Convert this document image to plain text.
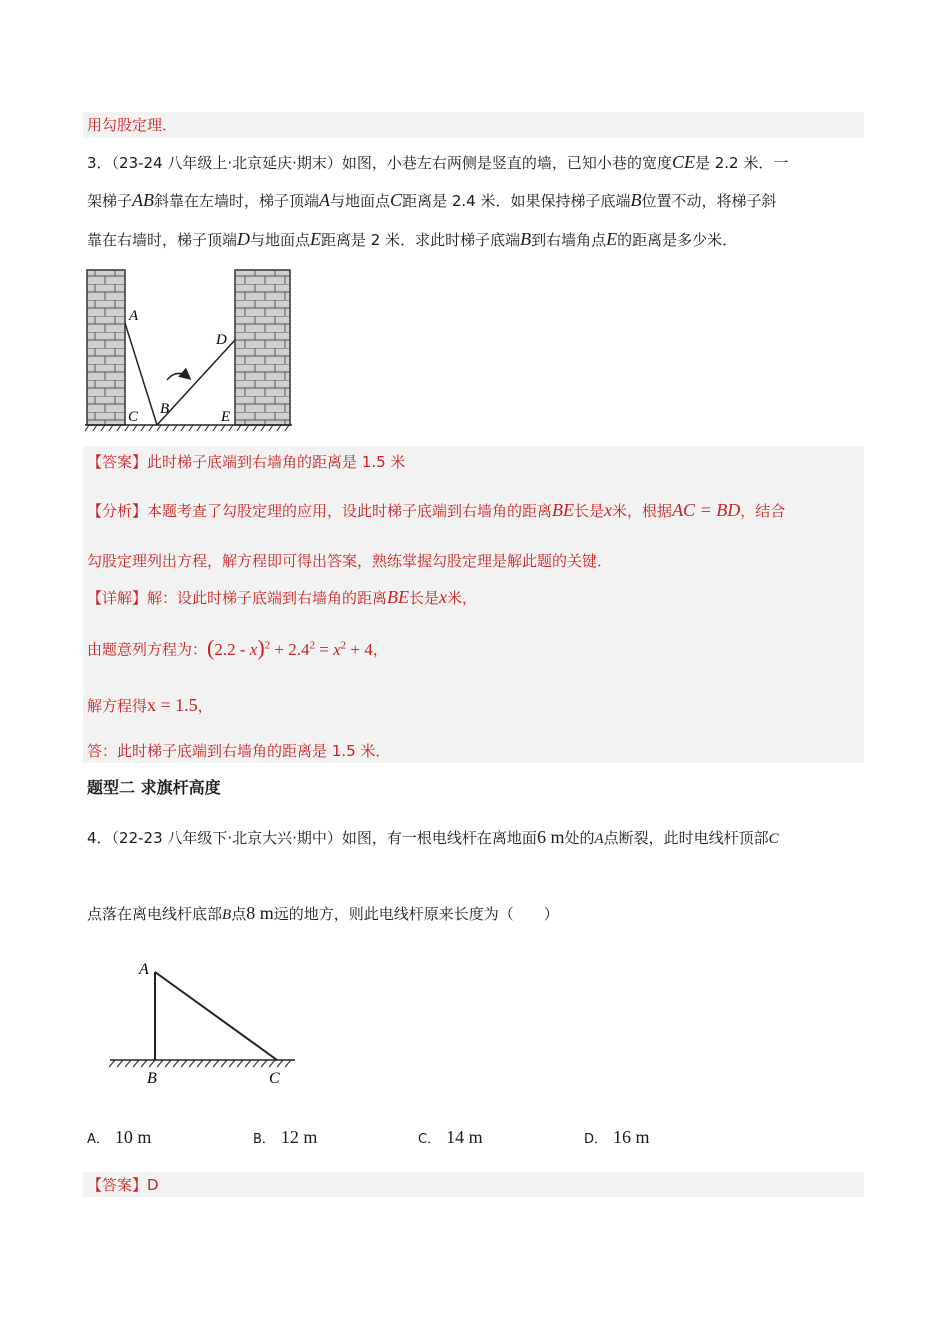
用勾股定理．
3．（23-24 八年级上·北京延庆·期末）如图，小巷左右两侧是竖直的墙，已知小巷的宽度CE是 2.2 米．一
架梯子AB斜靠在左墙时，梯子顶端A与地面点C距离是 2.4 米．如果保持梯子底端B位置不动，将梯子斜
靠在右墙时，梯子顶端D与地面点E距离是 2 米．求此时梯子底端B到右墙角点E的距离是多少米．
A
D
C B	E
【答案】此时梯子底端到右墙角的距离是 1.5 米
【分析】本题考查了勾股定理的应用，设此时梯子底端到右墙角的距离BE长是x米，根据AC = BD，结合
勾股定理列出方程，解方程即可得出答案，熟练掌握勾股定理是解此题的关键．
【详解】解：设此时梯子底端到右墙角的距离BE长是x米，
由题意列方程为：$(2.2 - x)^2 + 2.4^2 = x^2 + 4$，
解方程得x = 1.5，
答：此时梯子底端到右墙角的距离是 1.5 米．
题型二 求旗杆高度
4．（22-23 八年级下·北京大兴·期中）如图，有一根电线杆在离地面6 m处的A点断裂，此时电线杆顶部C
点落在离电线杆底部B点8 m远的地方，则此电线杆原来长度为（　　）
A
B	C
A． 10 m	B． 12 m	C． 14 m	D． 16 m
【答案】D
